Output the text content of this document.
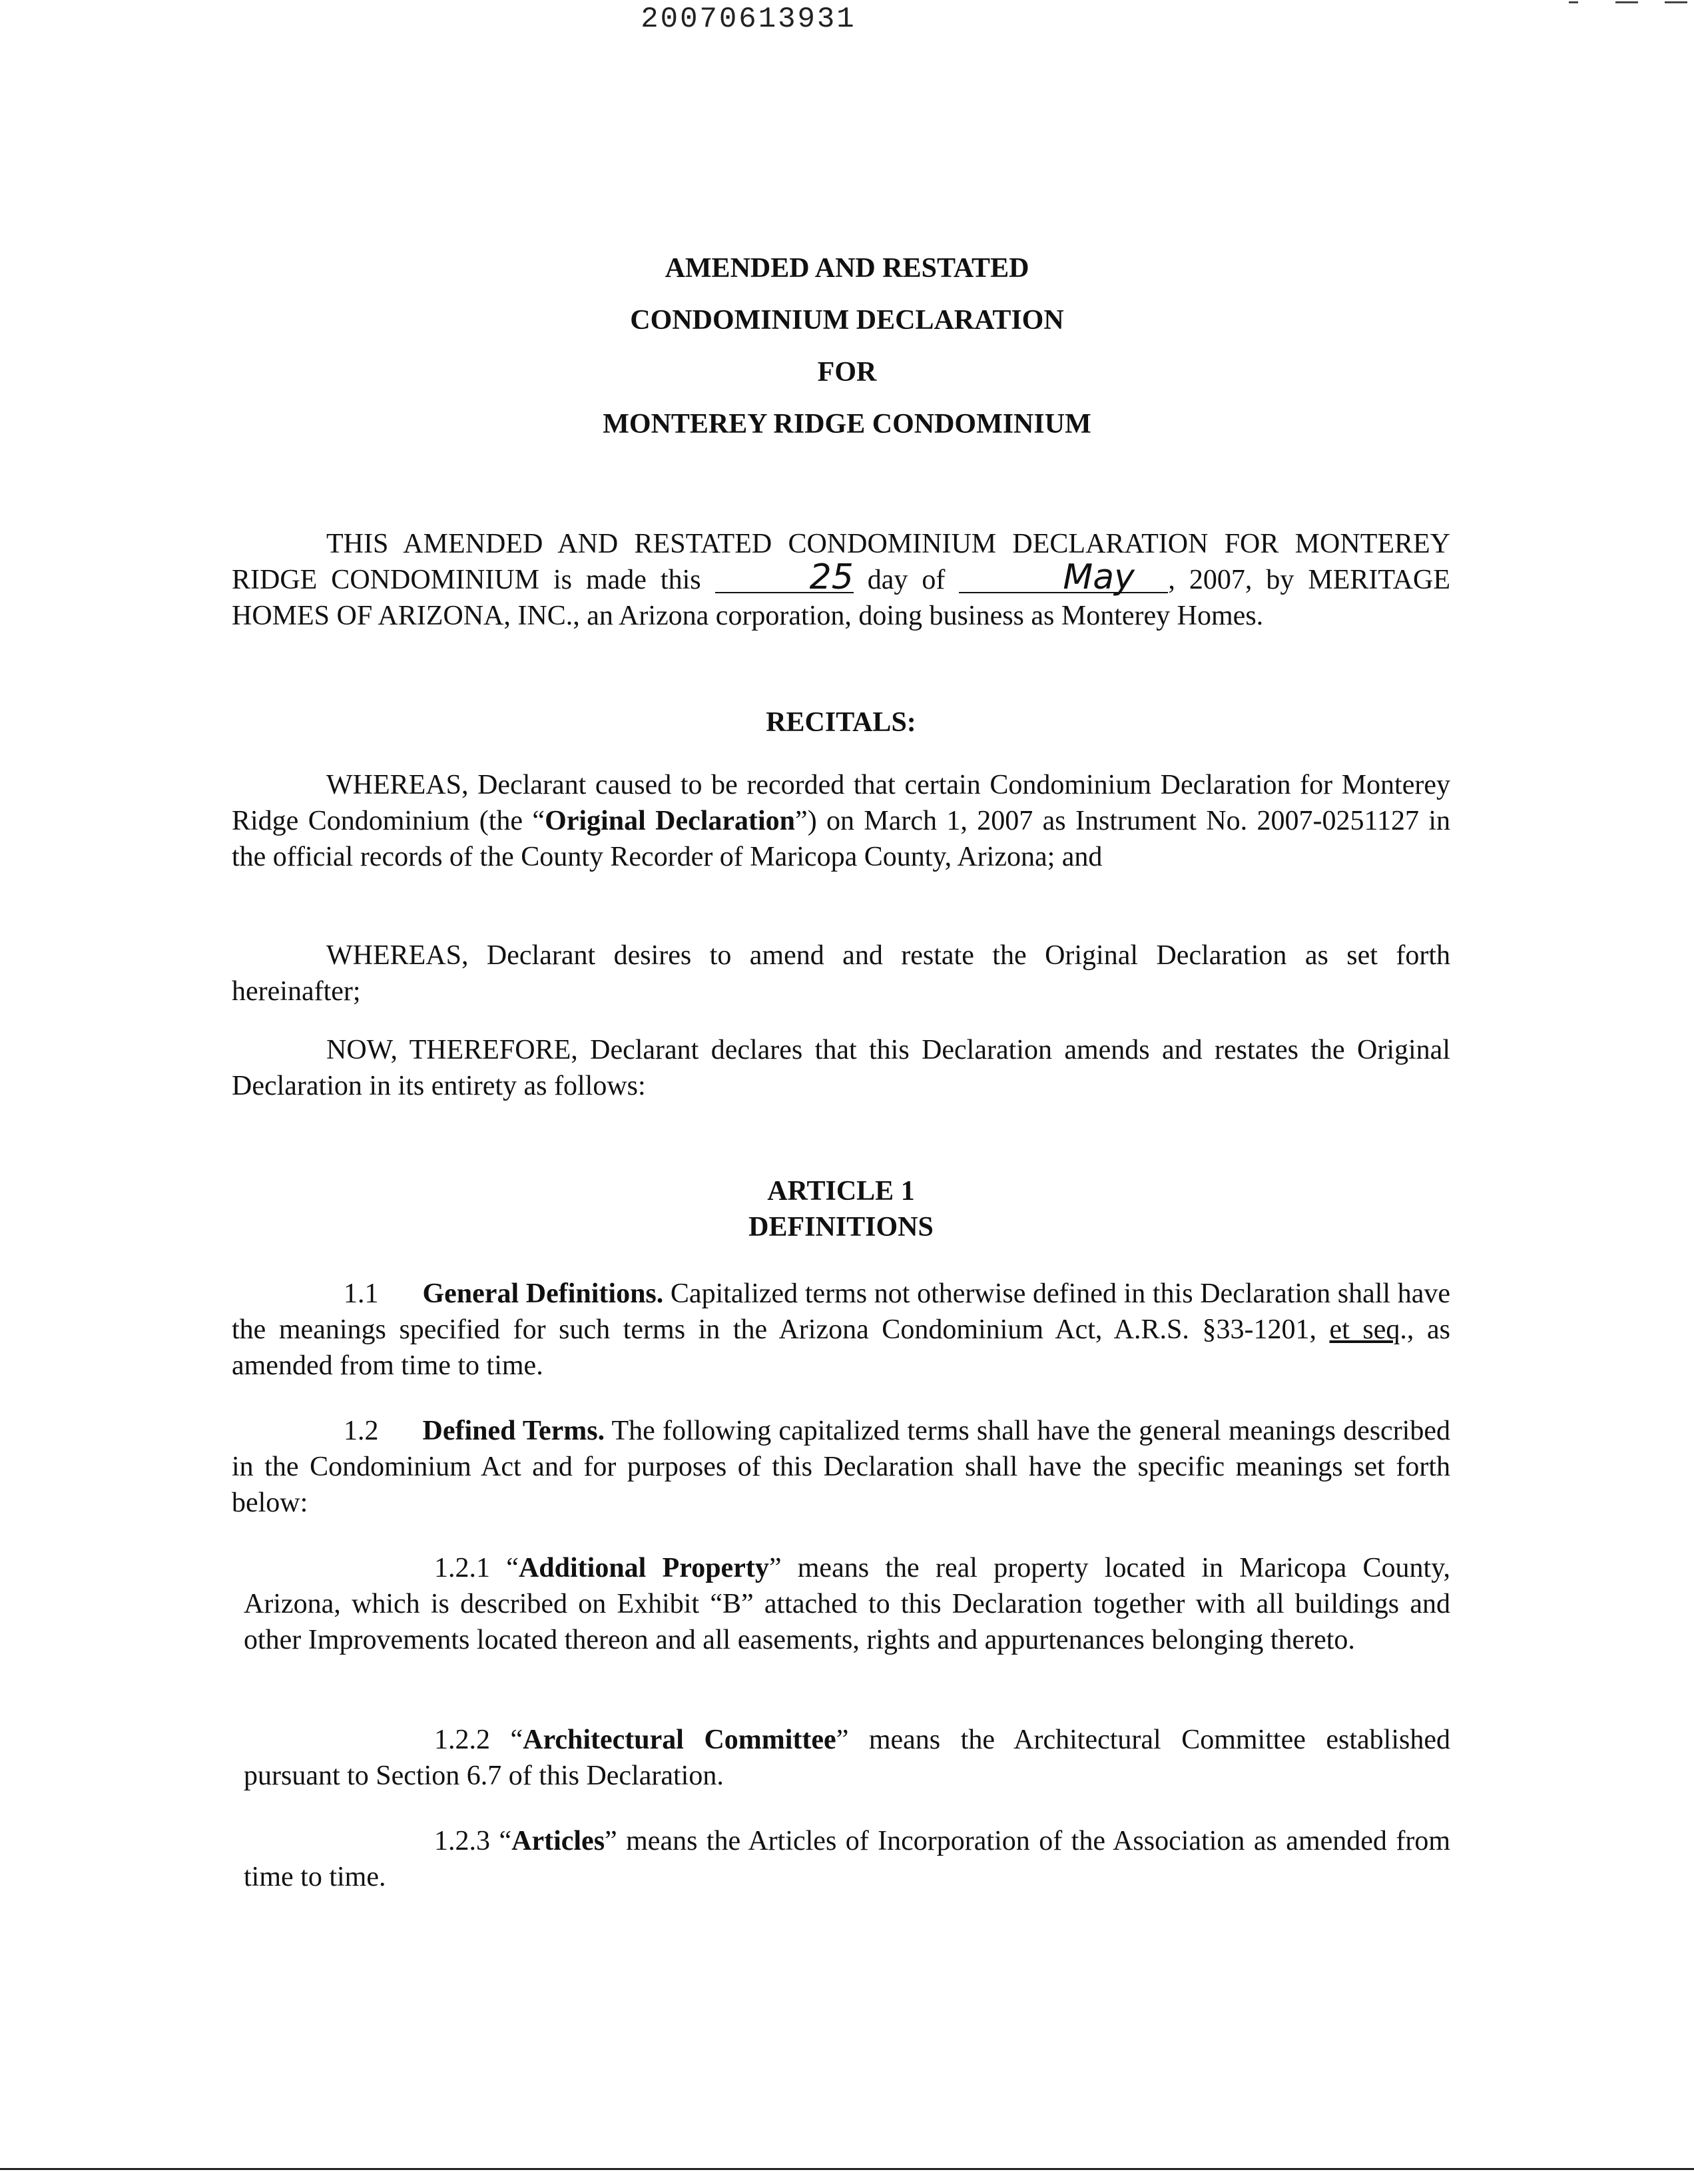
20070613931
AMENDED AND RESTATED
CONDOMINIUM DECLARATION
FOR
MONTEREY RIDGE CONDOMINIUM
THIS AMENDED AND RESTATED CONDOMINIUM DECLARATION FOR MONTEREY RIDGE CONDOMINIUM is made this	25 day of	May , 2007, by MERITAGE HOMES OF ARIZONA, INC., an Arizona corporation, doing business as Monterey Homes.
RECITALS:
WHEREAS, Declarant caused to be recorded that certain Condominium Declaration for Monterey Ridge Condominium (the “Original Declaration”) on March 1, 2007 as Instrument No. 2007-0251127 in the official records of the County Recorder of Maricopa County, Arizona; and
WHEREAS, Declarant desires to amend and restate the Original Declaration as set forth hereinafter;
NOW, THEREFORE, Declarant declares that this Declaration amends and restates the Original Declaration in its entirety as follows:
ARTICLE 1
DEFINITIONS
1.1 General Definitions. Capitalized terms not otherwise defined in this Declaration shall have the meanings specified for such terms in the Arizona Condominium Act, A.R.S. §33-1201, et seq., as amended from time to time.
1.2 Defined Terms. The following capitalized terms shall have the general meanings described in the Condominium Act and for purposes of this Declaration shall have the specific meanings set forth below:
1.2.1 “Additional Property” means the real property located in Maricopa County, Arizona, which is described on Exhibit “B” attached to this Declaration together with all buildings and other Improvements located thereon and all easements, rights and appurtenances belonging thereto.
1.2.2 “Architectural Committee” means the Architectural Committee established pursuant to Section 6.7 of this Declaration.
1.2.3 “Articles” means the Articles of Incorporation of the Association as amended from time to time.
